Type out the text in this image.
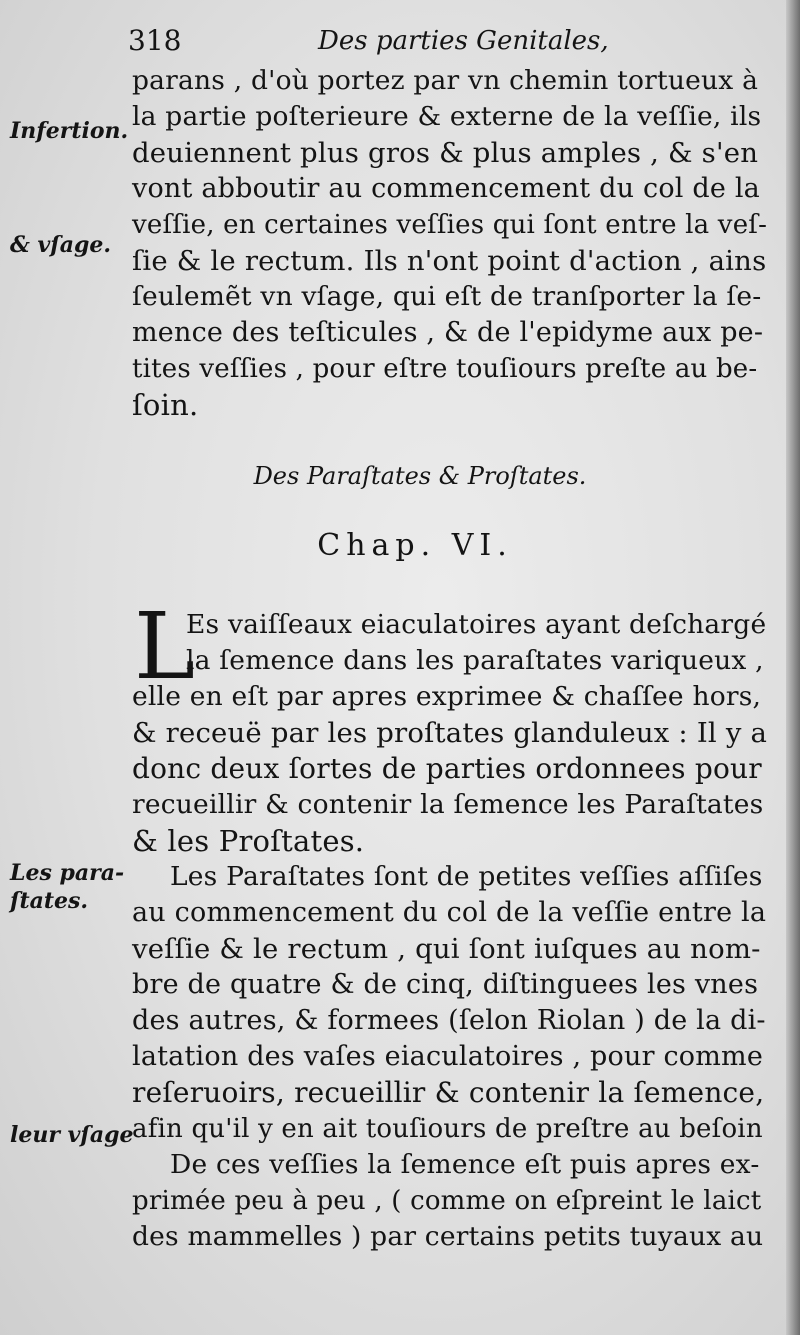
318	Des parties Genitales,
Infertion.
& vſage.
Les para-
ſtates.
leur vſage
parans , d'où portez par vn chemin tortueux à
la partie poſterieure & externe de la veſſie, ils
deuiennent plus gros & plus amples , & s'en
vont abboutir au commencement du col de la
veſſie, en certaines veſſies qui ſont entre la veſ-
ſie & le rectum. Ils n'ont point d'action , ains
ſeulemẽt vn vſage, qui eſt de tranſporter la ſe-
mence des teſticules , & de l'epidyme aux pe-
tites veſſies , pour eſtre touſiours preſte au be-
ſoin.
Des Paraſtates & Proſtates.
Chap. VI.
L
Es vaiſſeaux eiaculatoires ayant deſchargé
la ſemence dans les paraſtates variqueux ,
elle en eſt par apres exprimee & chaſſee hors,
& receuë par les proſtates glanduleux : Il y a
donc deux ſortes de parties ordonnees pour
recueillir & contenir la ſemence les Paraſtates
& les Proſtates.
Les Paraſtates ſont de petites veſſies aſſiſes
au commencement du col de la veſſie entre la
veſſie & le rectum , qui ſont iuſques au nom-
bre de quatre & de cinq, diſtinguees les vnes
des autres, & formees (ſelon Riolan ) de la di-
latation des vaſes eiaculatoires , pour comme
reſeruoirs, recueillir & contenir la ſemence,
afin qu'il y en ait touſiours de preſtre au beſoin
De ces veſſies la ſemence eſt puis apres ex-
primée peu à peu , ( comme on eſpreint le laict
des mammelles ) par certains petits tuyaux au
